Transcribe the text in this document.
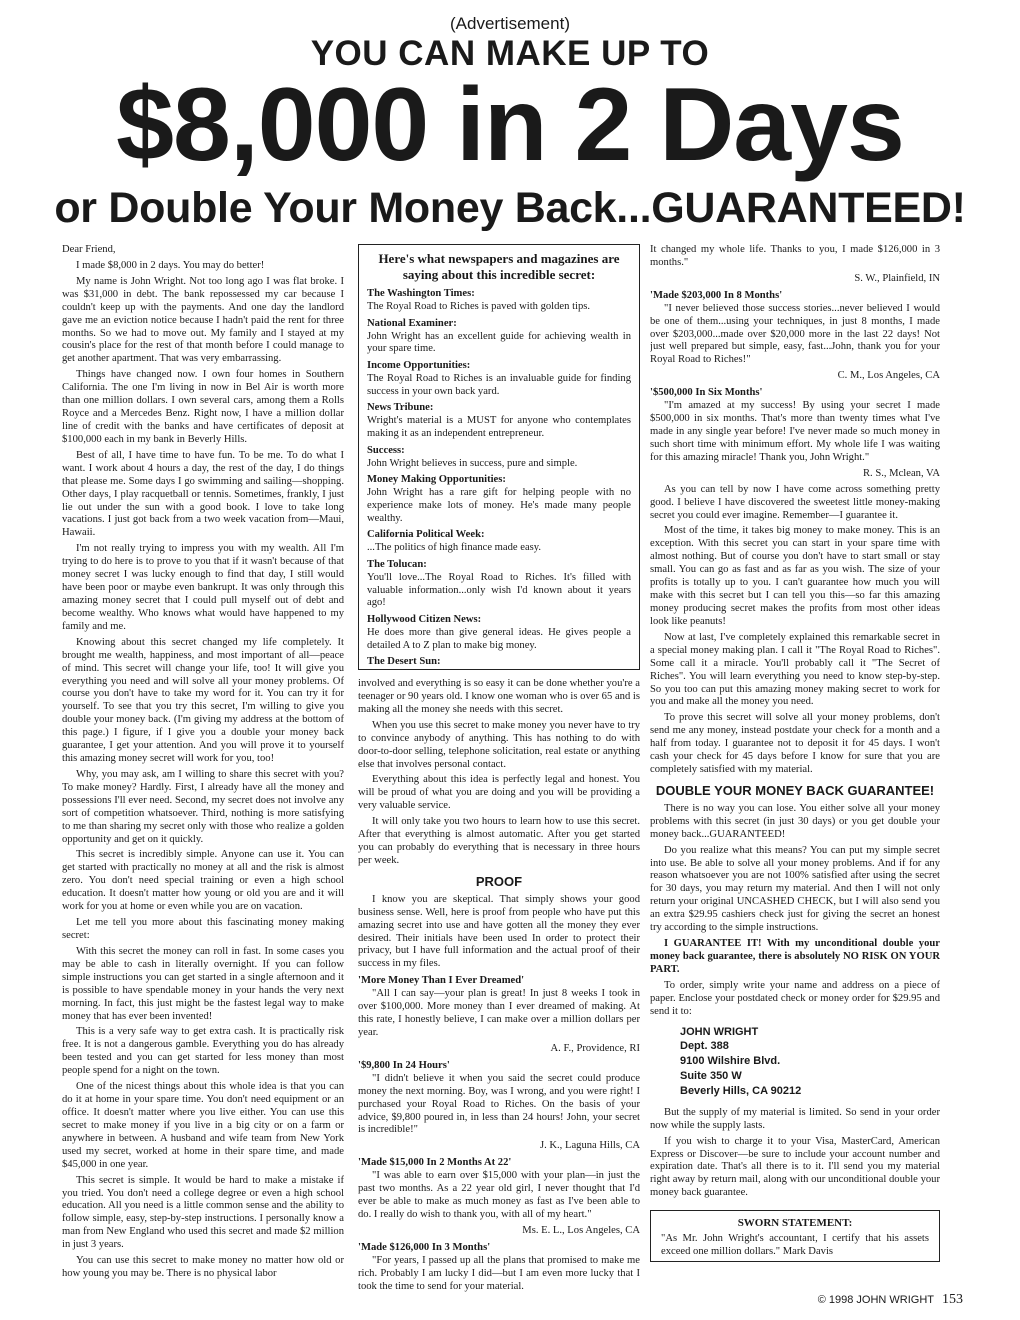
(Advertisement)
YOU CAN MAKE UP TO
$8,000 in 2 Days
or Double Your Money Back...GUARANTEED!

Dear Friend,

I made $8,000 in 2 days. You may do better!

My name is John Wright. Not too long ago I was flat broke. I was $31,000 in debt. The bank repossessed my car because I couldn't keep up with the payments. And one day the landlord gave me an eviction notice because I hadn't paid the rent for three months. So we had to move out. My family and I stayed at my cousin's place for the rest of that month before I could manage to get another apartment. That was very embarrassing.

Things have changed now. I own four homes in Southern California. The one I'm living in now in Bel Air is worth more than one million dollars. I own several cars, among them a Rolls Royce and a Mercedes Benz. Right now, I have a million dollar line of credit with the banks and have certificates of deposit at $100,000 each in my bank in Beverly Hills.

Best of all, I have time to have fun. To be me. To do what I want. I work about 4 hours a day, the rest of the day, I do things that please me. Some days I go swimming and sailing—shopping. Other days, I play racquetball or tennis. Sometimes, frankly, I just lie out under the sun with a good book. I love to take long vacations. I just got back from a two week vacation from—Maui, Hawaii.

I'm not really trying to impress you with my wealth. All I'm trying to do here is to prove to you that if it wasn't because of that money secret I was lucky enough to find that day, I still would have been poor or maybe even bankrupt. It was only through this amazing money secret that I could pull myself out of debt and become wealthy. Who knows what would have happened to my family and me.

Knowing about this secret changed my life completely. It brought me wealth, happiness, and most important of all—peace of mind. This secret will change your life, too! It will give you everything you need and will solve all your money problems. Of course you don't have to take my word for it. You can try it for yourself. To see that you try this secret, I'm willing to give you double your money back. (I'm giving my address at the bottom of this page.) I figure, if I give you a double your money back guarantee, I get your attention. And you will prove it to yourself this amazing money secret will work for you, too!

Why, you may ask, am I willing to share this secret with you? To make money? Hardly. First, I already have all the money and possessions I'll ever need. Second, my secret does not involve any sort of competition whatsoever. Third, nothing is more satisfying to me than sharing my secret only with those who realize a golden opportunity and get on it quickly.

This secret is incredibly simple. Anyone can use it. You can get started with practically no money at all and the risk is almost zero. You don't need special training or even a high school education. It doesn't matter how young or old you are and it will work for you at home or even while you are on vacation.

Let me tell you more about this fascinating money making secret:

With this secret the money can roll in fast. In some cases you may be able to cash in literally overnight. If you can follow simple instructions you can get started in a single afternoon and it is possible to have spendable money in your hands the very next morning. In fact, this just might be the fastest legal way to make money that has ever been invented!

This is a very safe way to get extra cash. It is practically risk free. It is not a dangerous gamble. Everything you do has already been tested and you can get started for less money than most people spend for a night on the town.

One of the nicest things about this whole idea is that you can do it at home in your spare time. You don't need equipment or an office. It doesn't matter where you live either. You can use this secret to make money if you live in a big city or on a farm or anywhere in between. A husband and wife team from New York used my secret, worked at home in their spare time, and made $45,000 in one year.

This secret is simple. It would be hard to make a mistake if you tried. You don't need a college degree or even a high school education. All you need is a little common sense and the ability to follow simple, easy, step-by-step instructions. I personally know a man from New England who used this secret and made $2 million in just 3 years.

You can use this secret to make money no matter how old or how young you may be. There is no physical labor

Here's what newspapers and magazines are saying about this incredible secret:
The Washington Times:
The Royal Road to Riches is paved with golden tips.
National Examiner:
John Wright has an excellent guide for achieving wealth in your spare time.
Income Opportunities:
The Royal Road to Riches is an invaluable guide for finding success in your own back yard.
News Tribune:
Wright's material is a MUST for anyone who contemplates making it as an independent entrepreneur.
Success:
John Wright believes in success, pure and simple.
Money Making Opportunities:
John Wright has a rare gift for helping people with no experience make lots of money. He's made many people wealthy.
California Political Week:
...The politics of high finance made easy.
The Tolucan:
You'll love...The Royal Road to Riches. It's filled with valuable information...only wish I'd known about it years ago!
Hollywood Citizen News:
He does more than give general ideas. He gives people a detailed A to Z plan to make big money.
The Desert Sun:

involved and everything is so easy it can be done whether you're a teenager or 90 years old. I know one woman who is over 65 and is making all the money she needs with this secret.

When you use this secret to make money you never have to try to convince anybody of anything. This has nothing to do with door-to-door selling, telephone solicitation, real estate or anything else that involves personal contact.

Everything about this idea is perfectly legal and honest. You will be proud of what you are doing and you will be providing a very valuable service.

It will only take you two hours to learn how to use this secret. After that everything is almost automatic. After you get started you can probably do everything that is necessary in three hours per week.

PROOF

I know you are skeptical. That simply shows your good business sense. Well, here is proof from people who have put this amazing secret into use and have gotten all the money they ever desired. Their initials have been used In order to protect their privacy, but I have full information and the actual proof of their success in my files.

'More Money Than I Ever Dreamed'

"All I can say—your plan is great! In just 8 weeks I took in over $100,000. More money than I ever dreamed of making. At this rate, I honestly believe, I can make over a million dollars per year.

A. F., Providence, RI

'$9,800 In 24 Hours'

"I didn't believe it when you said the secret could produce money the next morning. Boy, was I wrong, and you were right! I purchased your Royal Road to Riches. On the basis of your advice, $9,800 poured in, in less than 24 hours! John, your secret is incredible!"

J. K., Laguna Hills, CA

'Made $15,000 In 2 Months At 22'

"I was able to earn over $15,000 with your plan—in just the past two months. As a 22 year old girl, I never thought that I'd ever be able to make as much money as fast as I've been able to do. I really do wish to thank you, with all of my heart."

Ms. E. L., Los Angeles, CA

'Made $126,000 In 3 Months'

"For years, I passed up all the plans that promised to make me rich. Probably I am lucky I did—but I am even more lucky that I took the time to send for your material.

It changed my whole life. Thanks to you, I made $126,000 in 3 months."

S. W., Plainfield, IN

'Made $203,000 In 8 Months'

"I never believed those success stories...never believed I would be one of them...using your techniques, in just 8 months, I made over $203,000...made over $20,000 more in the last 22 days! Not just well prepared but simple, easy, fast...John, thank you for your Royal Road to Riches!"

C. M., Los Angeles, CA

'$500,000 In Six Months'

"I'm amazed at my success! By using your secret I made $500,000 in six months. That's more than twenty times what I've made in any single year before! I've never made so much money in such short time with minimum effort. My whole life I was waiting for this amazing miracle! Thank you, John Wright."

R. S., Mclean, VA

As you can tell by now I have come across something pretty good. I believe I have discovered the sweetest little money-making secret you could ever imagine. Remember—I guarantee it.

Most of the time, it takes big money to make money. This is an exception. With this secret you can start in your spare time with almost nothing. But of course you don't have to start small or stay small. You can go as fast and as far as you wish. The size of your profits is totally up to you. I can't guarantee how much you will make with this secret but I can tell you this—so far this amazing money producing secret makes the profits from most other ideas look like peanuts!

Now at last, I've completely explained this remarkable secret in a special money making plan. I call it "The Royal Road to Riches". Some call it a miracle. You'll probably call it "The Secret of Riches". You will learn everything you need to know step-by-step. So you too can put this amazing money making secret to work for you and make all the money you need.

To prove this secret will solve all your money problems, don't send me any money, instead postdate your check for a month and a half from today. I guarantee not to deposit it for 45 days. I won't cash your check for 45 days before I know for sure that you are completely satisfied with my material.

DOUBLE YOUR MONEY BACK GUARANTEE!

There is no way you can lose. You either solve all your money problems with this secret (in just 30 days) or you get double your money back...GUARANTEED!

Do you realize what this means? You can put my simple secret into use. Be able to solve all your money problems. And if for any reason whatsoever you are not 100% satisfied after using the secret for 30 days, you may return my material. And then I will not only return your original UNCASHED CHECK, but I will also send you an extra $29.95 cashiers check just for giving the secret an honest try according to the simple instructions.

I GUARANTEE IT! With my unconditional double your money back guarantee, there is absolutely NO RISK ON YOUR PART.

To order, simply write your name and address on a piece of paper. Enclose your postdated check or money order for $29.95 and send it to:

JOHN WRIGHT
Dept. 388
9100 Wilshire Blvd.
Suite 350 W
Beverly Hills, CA 90212

But the supply of my material is limited. So send in your order now while the supply lasts.

If you wish to charge it to your Visa, MasterCard, American Express or Discover—be sure to include your account number and expiration date. That's all there is to it. I'll send you my material right away by return mail, along with our unconditional double your money back guarantee.

SWORN STATEMENT:
"As Mr. John Wright's accountant, I certify that his assets exceed one million dollars." Mark Davis
© 1998 JOHN WRIGHT 153
